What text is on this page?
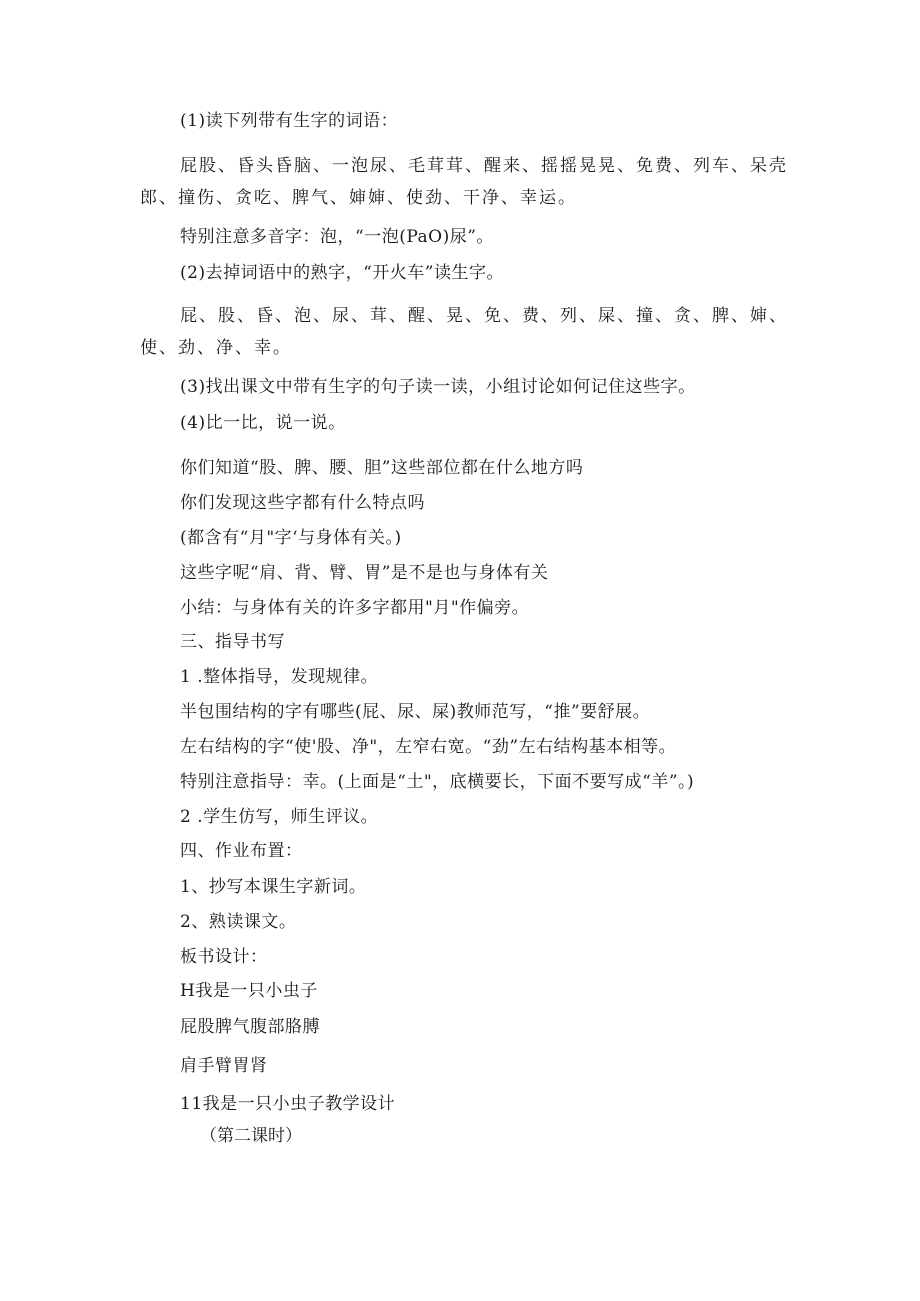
(1)读下列带有生字的词语：
屁股、昏头昏脑、一泡尿、毛茸茸、醒来、摇摇晃晃、免费、列车、呆壳郎、撞伤、贪吃、脾气、婶婶、使劲、干净、幸运。
特别注意多音字：泡，“一泡(PaO)尿”。
(2)去掉词语中的熟字，“开火车”读生字。
屁、股、昏、泡、尿、茸、醒、晃、免、费、列、屎、撞、贪、脾、婶、使、劲、净、幸。
(3)找出课文中带有生字的句子读一读，小组讨论如何记住这些字。
(4)比一比，说一说。
你们知道“股、脾、腰、胆”这些部位都在什么地方吗
你们发现这些字都有什么特点吗
(都含有“月"字‘与身体有关。)
这些字呢“肩、背、臂、胃”是不是也与身体有关
小结：与身体有关的许多字都用"月"作偏旁。
三、指导书写
1 .整体指导，发现规律。
半包围结构的字有哪些(屁、尿、屎)教师范写，“推”要舒展。
左右结构的字“使'股、净"，左窄右宽。“劲”左右结构基本相等。
特别注意指导：幸。(上面是“土"，底横要长，下面不要写成“羊”。)
2 .学生仿写，师生评议。
四、作业布置：
1、抄写本课生字新词。
2、熟读课文。
板书设计：
H我是一只小虫子
屁股脾气腹部胳膊
肩手臂胃肾
11我是一只小虫子教学设计
（第二课时）
